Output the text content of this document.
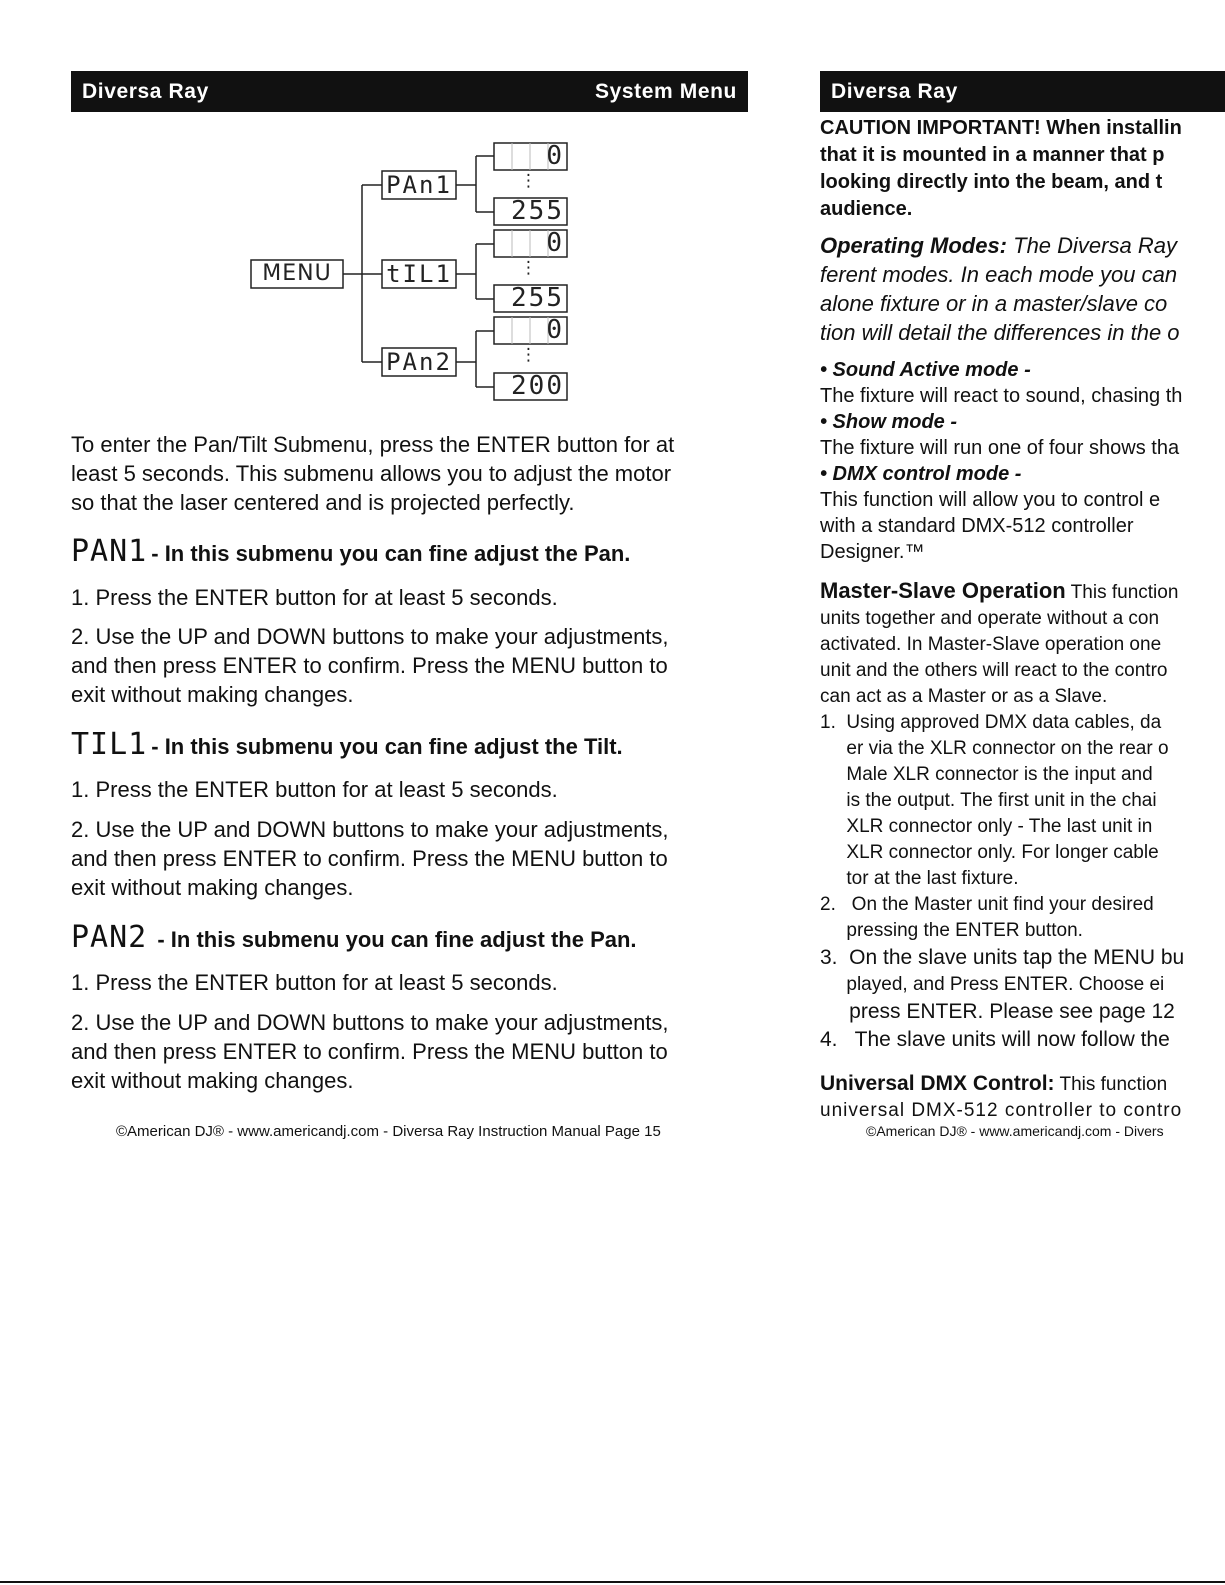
Diversa Ray	System Menu
MENU
PAn1
0
⋮
255
tIL1
0
⋮
255
PAn2
0
⋮
200
To enter the Pan/Tilt Submenu, press the ENTER button for at
least 5 seconds. This submenu allows you to adjust the motor
so that the laser centered and is projected perfectly.
PAN1 - In this submenu you can fine adjust the Pan.
1. Press the ENTER button for at least 5 seconds.
2. Use the UP and DOWN buttons to make your adjustments,
and then press ENTER to confirm. Press the MENU button to
exit without making changes.
TIL1 - In this submenu you can fine adjust the Tilt.
1. Press the ENTER button for at least 5 seconds.
2. Use the UP and DOWN buttons to make your adjustments,
and then press ENTER to confirm. Press the MENU button to
exit without making changes.
PAN2 - In this submenu you can fine adjust the Pan.
1. Press the ENTER button for at least 5 seconds.
2. Use the UP and DOWN buttons to make your adjustments,
and then press ENTER to confirm. Press the MENU button to
exit without making changes.
©American DJ® - www.americandj.com - Diversa Ray Instruction Manual Page 15
Diversa Ray
CAUTION IMPORTANT! When installin
that it is mounted in a manner that p
looking directly into the beam, and t
audience.
Operating Modes: The Diversa Ray
ferent modes. In each mode you can
alone fixture or in a master/slave co
tion will detail the differences in the o
• Sound Active mode -
The fixture will react to sound, chasing th
• Show mode -
The fixture will run one of four shows tha
• DMX control mode -
This function will allow you to control e
with a standard DMX-512 controller
Designer.™
Master-Slave Operation This function
units together and operate without a con
activated. In Master-Slave operation one
unit and the others will react to the contro
can act as a Master or as a Slave.
1.  Using approved DMX data cables, da
er via the XLR connector on the rear o
Male XLR connector is the input and
is the output. The first unit in the chai
XLR connector only - The last unit in
XLR connector only. For longer cable
tor at the last fixture.
2.   On the Master unit find your desired
pressing the ENTER button.
3.  On the slave units tap the MENU bu
played, and Press ENTER. Choose ei
press ENTER. Please see page 12
4.   The slave units will now follow the
Universal DMX Control: This function
universal DMX-512 controller to contro
©American DJ® - www.americandj.com - Divers
